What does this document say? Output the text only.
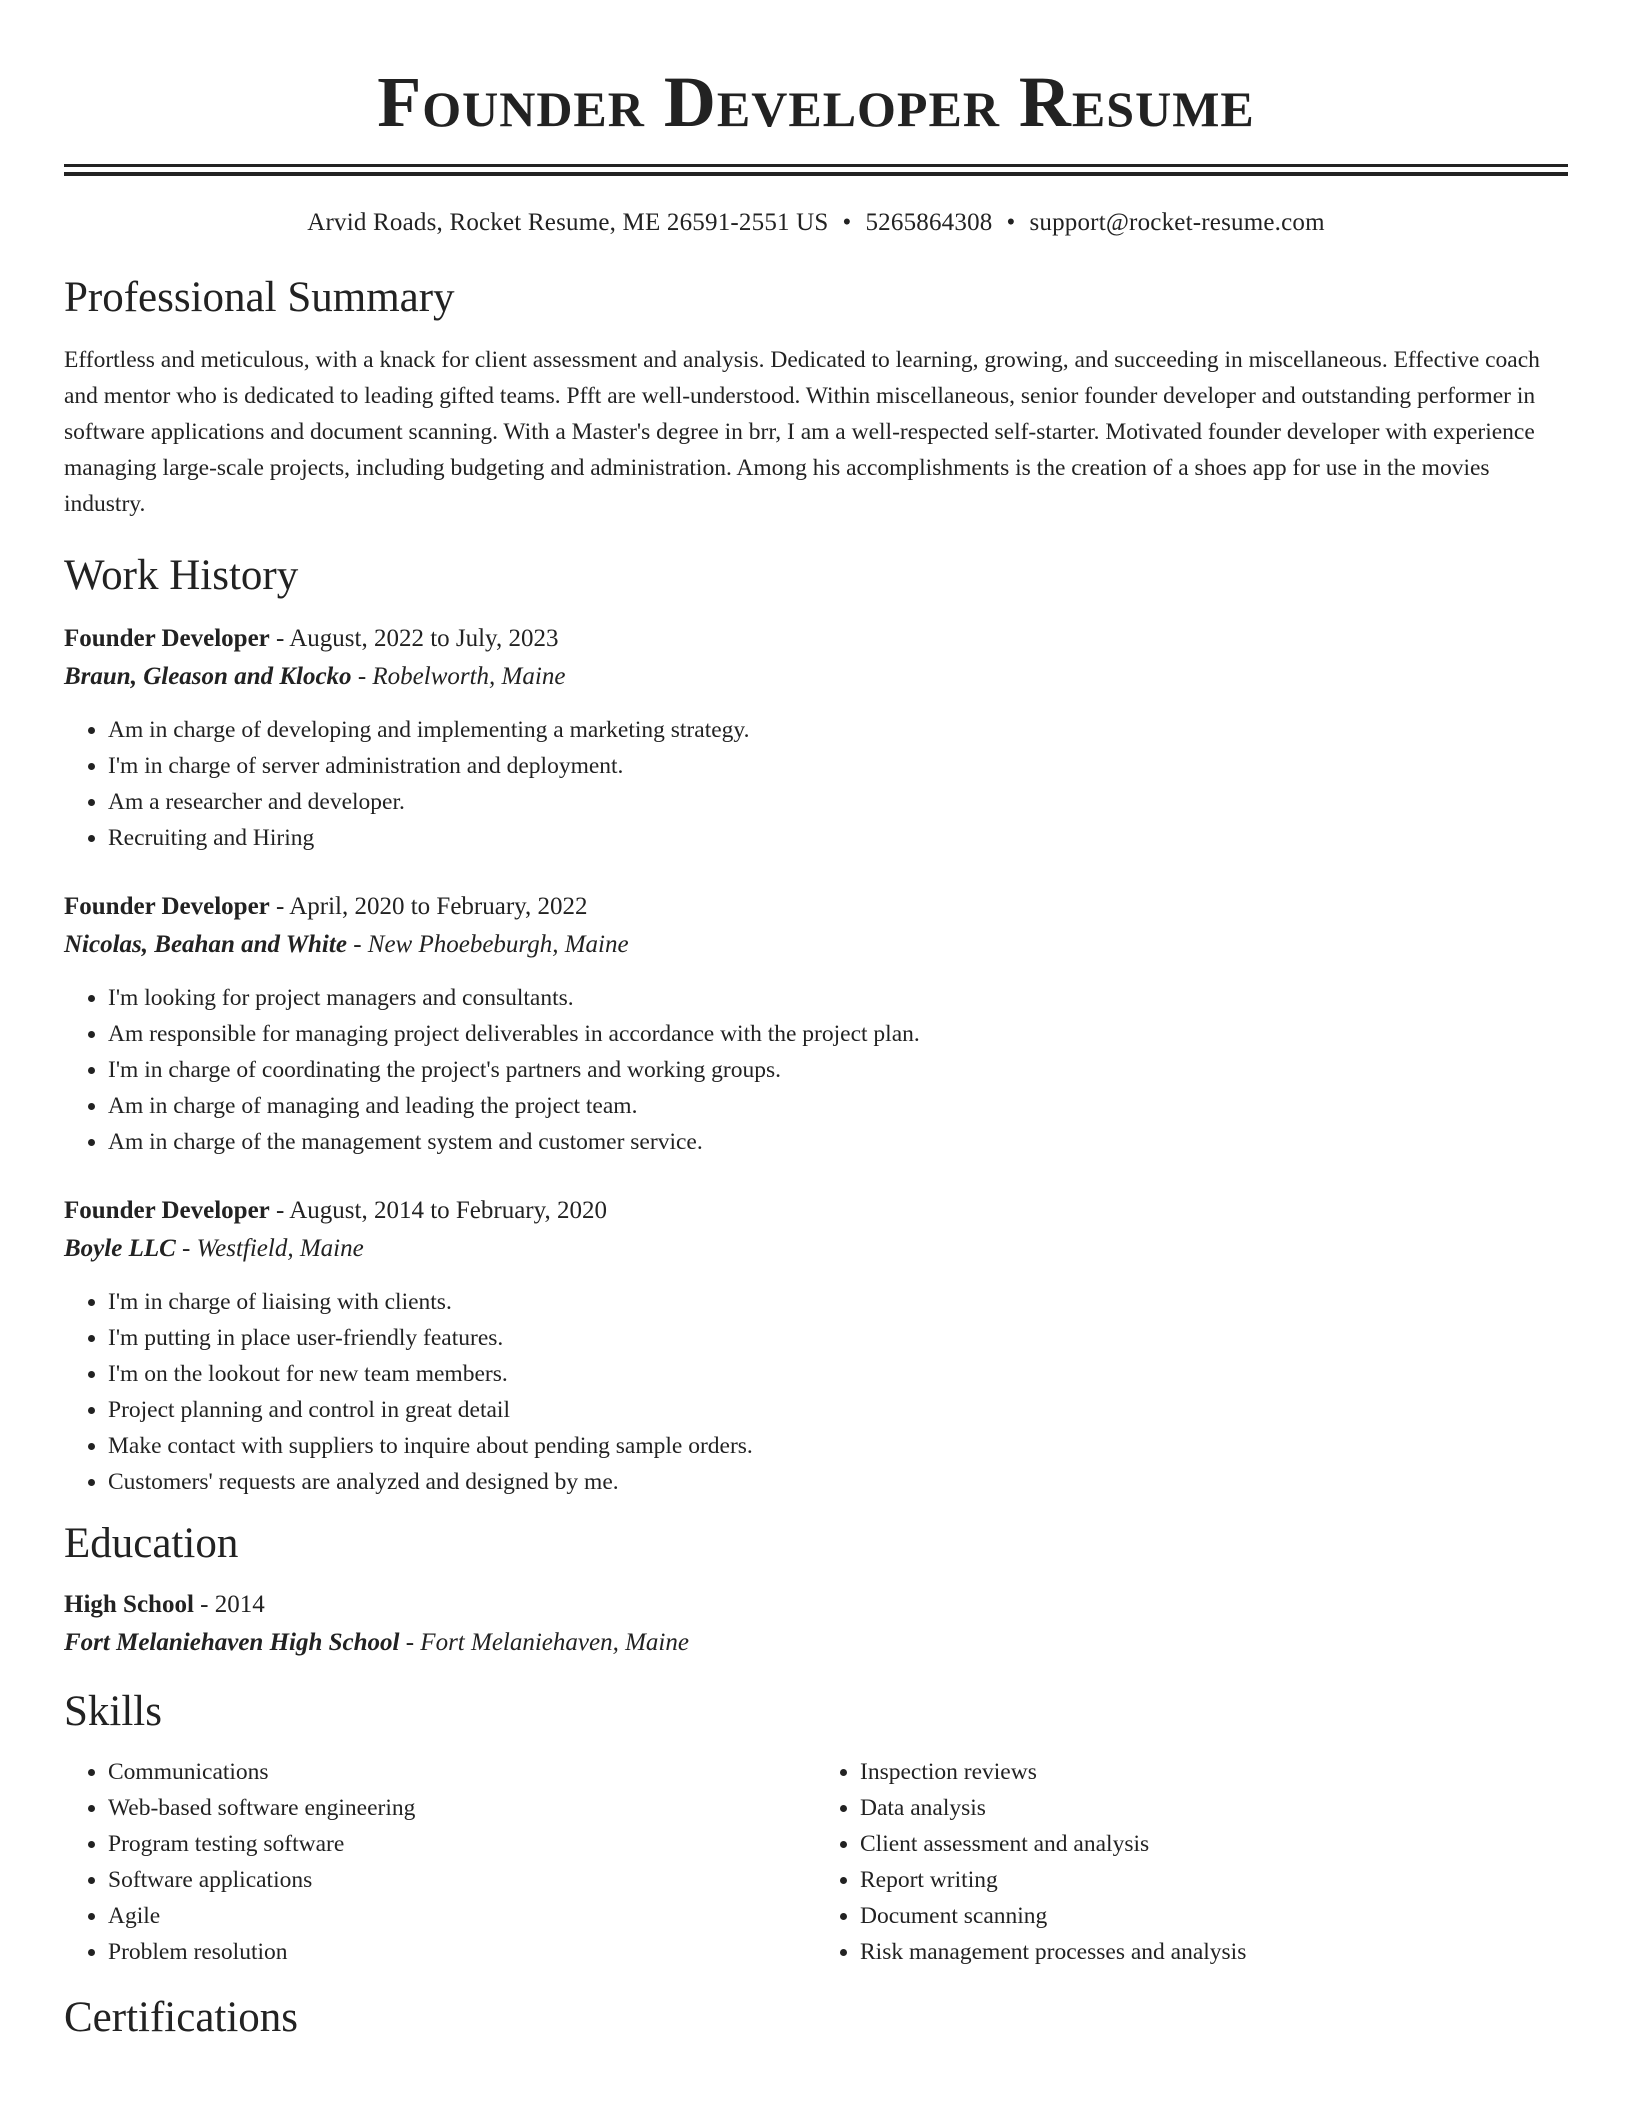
Founder Developer Resume
Arvid Roads, Rocket Resume, ME 26591-2551 US • 5265864308 • support@rocket-resume.com
Professional Summary
Effortless and meticulous, with a knack for client assessment and analysis. Dedicated to learning, growing, and succeeding in miscellaneous. Effective coach and mentor who is dedicated to leading gifted teams. Pfft are well-understood. Within miscellaneous, senior founder developer and outstanding performer in software applications and document scanning. With a Master's degree in brr, I am a well-respected self-starter. Motivated founder developer with experience managing large-scale projects, including budgeting and administration. Among his accomplishments is the creation of a shoes app for use in the movies industry.
Work History
Founder Developer - August, 2022 to July, 2023
Braun, Gleason and Klocko - Robelworth, Maine
• Am in charge of developing and implementing a marketing strategy.
• I'm in charge of server administration and deployment.
• Am a researcher and developer.
• Recruiting and Hiring
Founder Developer - April, 2020 to February, 2022
Nicolas, Beahan and White - New Phoebeburgh, Maine
• I'm looking for project managers and consultants.
• Am responsible for managing project deliverables in accordance with the project plan.
• I'm in charge of coordinating the project's partners and working groups.
• Am in charge of managing and leading the project team.
• Am in charge of the management system and customer service.
Founder Developer - August, 2014 to February, 2020
Boyle LLC - Westfield, Maine
• I'm in charge of liaising with clients.
• I'm putting in place user-friendly features.
• I'm on the lookout for new team members.
• Project planning and control in great detail
• Make contact with suppliers to inquire about pending sample orders.
• Customers' requests are analyzed and designed by me.
Education
High School - 2014
Fort Melaniehaven High School - Fort Melaniehaven, Maine
Skills
• Communications
• Web-based software engineering
• Program testing software
• Software applications
• Agile
• Problem resolution
• Inspection reviews
• Data analysis
• Client assessment and analysis
• Report writing
• Document scanning
• Risk management processes and analysis
Certifications
